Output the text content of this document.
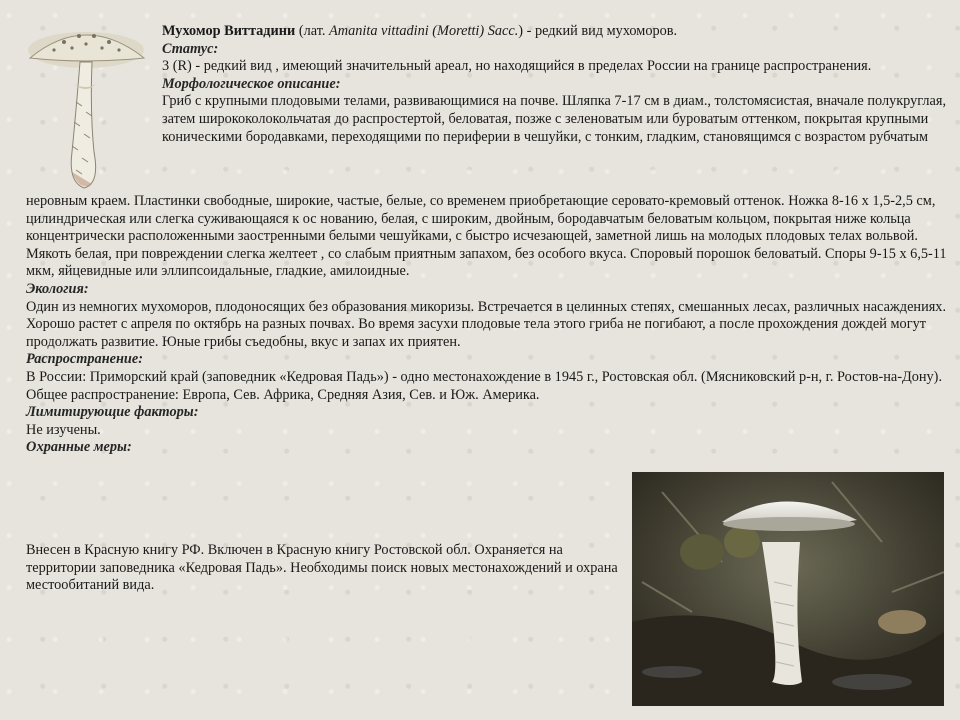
Мухомор Виттадини (лат. Amanita vittadini (Moretti) Sacc.) - редкий вид мухоморов.
Статус:
3 (R) - редкий вид , имеющий значительный ареал, но находящийся в пределах России на границе распространения.
Морфологическое описание:
Гриб с крупными плодовыми телами, развивающимися на почве. Шляпка 7-17 см в диам., толстомясистая, вначале полукруглая, затем ширококолокольчатая до распростертой, беловатая, позже с зеленоватым или буроватым оттенком, покрытая крупными коническими бородавками, переходящими по периферии в чешуйки, с тонким, гладким, становящимся с возрастом рубчатым
неровным краем. Пластинки свободные, широкие, частые, белые, со временем приобретающие серовато-кремовый оттенок. Ножка 8-16 х 1,5-2,5 см, цилиндрическая или слегка суживающаяся к ос нованию, белая, с широким, двойным, бородавчатым беловатым кольцом, покрытая ниже кольца концентрически расположенными заостренными белыми чешуйками, с быстро исчезающей, заметной лишь на молодых плодовых телах вольвой. Мякоть белая, при повреждении слегка желтеет , со слабым приятным запахом, без особого вкуса. Споровый порошок беловатый. Споры 9-15 х 6,5-11 мкм, яйцевидные или эллипсоидальные, гладкие, амилоидные.
Экология:
Один из немногих мухоморов, плодоносящих без образования микоризы. Встречается в целинных степях, смешанных лесах, различных насаждениях. Хорошо растет с апреля по октябрь на разных почвах. Во время засухи плодовые тела этого гриба не погибают, а после прохождения дождей могут продолжать развитие. Юные грибы съедобны, вкус и запах их приятен.
Распространение:
В России: Приморский край (заповедник «Кедровая Падь») - одно местонахождение в 1945 г., Ростовская обл. (Мясниковский р-н, г. Ростов-на-Дону). Общее распространение: Европа, Сев. Африка, Средняя Азия, Сев. и Юж. Америка.
Лимитирующие факторы:
Не изучены.
Охранные меры:
Внесен в Красную книгу РФ. Включен в Красную книгу Ростовской обл. Охраняется на территории заповедника «Кедровая Падь». Необходимы поиск новых местонахождений и охрана местообитаний вида.
